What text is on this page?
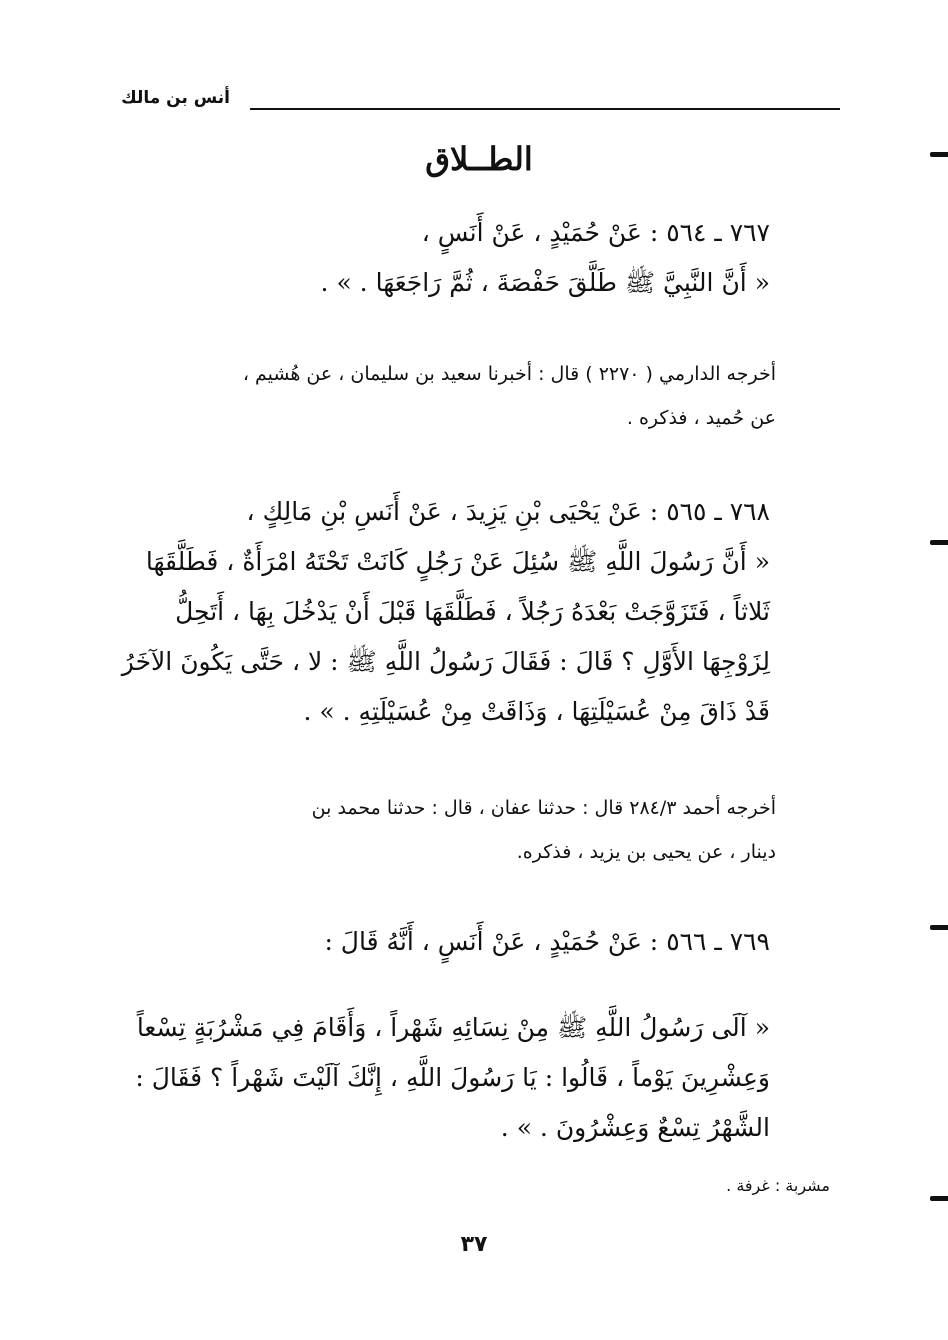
أنس بن مالك
الطــلاق
٧٦٧ ـ ٥٦٤ : عَنْ حُمَيْدٍ ، عَنْ أَنَسٍ ،
« أَنَّ النَّبِيَّ ﷺ طَلَّقَ حَفْصَةَ ، ثُمَّ رَاجَعَهَا . » .
أخرجه الدارمي ( ٢٢٧٠ ) قال : أخبرنا سعيد بن سليمان ، عن هُشيم ،
عن حُميد ، فذكره .
٧٦٨ ـ ٥٦٥ : عَنْ يَحْيَى بْنِ يَزِيدَ ، عَنْ أَنَسِ بْنِ مَالِكٍ ،
« أَنَّ رَسُولَ اللَّهِ ﷺ سُئِلَ عَنْ رَجُلٍ كَانَتْ تَحْتَهُ امْرَأَةٌ ، فَطَلَّقَهَا
ثَلاثاً ، فَتَزَوَّجَتْ بَعْدَهُ رَجُلاً ، فَطَلَّقَهَا قَبْلَ أَنْ يَدْخُلَ بِهَا ، أَتَحِلُّ
لِزَوْجِهَا الأَوَّلِ ؟ قَالَ : فَقَالَ رَسُولُ اللَّهِ ﷺ : لا ، حَتَّى يَكُونَ الآخَرُ
قَدْ ذَاقَ مِنْ عُسَيْلَتِهَا ، وَذَاقَتْ مِنْ عُسَيْلَتِهِ . » .
أخرجه أحمد ٢٨٤/٣ قال : حدثنا عفان ، قال : حدثنا محمد بن
دينار ، عن يحيى بن يزيد ، فذكره.
٧٦٩ ـ ٥٦٦ : عَنْ حُمَيْدٍ ، عَنْ أَنَسٍ ، أَنَّهُ قَالَ :
« آلَى رَسُولُ اللَّهِ ﷺ مِنْ نِسَائِهِ شَهْراً ، وَأَقَامَ فِي مَشْرُبَةٍ تِسْعاً
وَعِشْرِينَ يَوْماً ، قَالُوا : يَا رَسُولَ اللَّهِ ، إِنَّكَ آلَيْتَ شَهْراً ؟ فَقَالَ :
الشَّهْرُ تِسْعٌ وَعِشْرُونَ . » .
مشربة : غرفة .
٣٧
